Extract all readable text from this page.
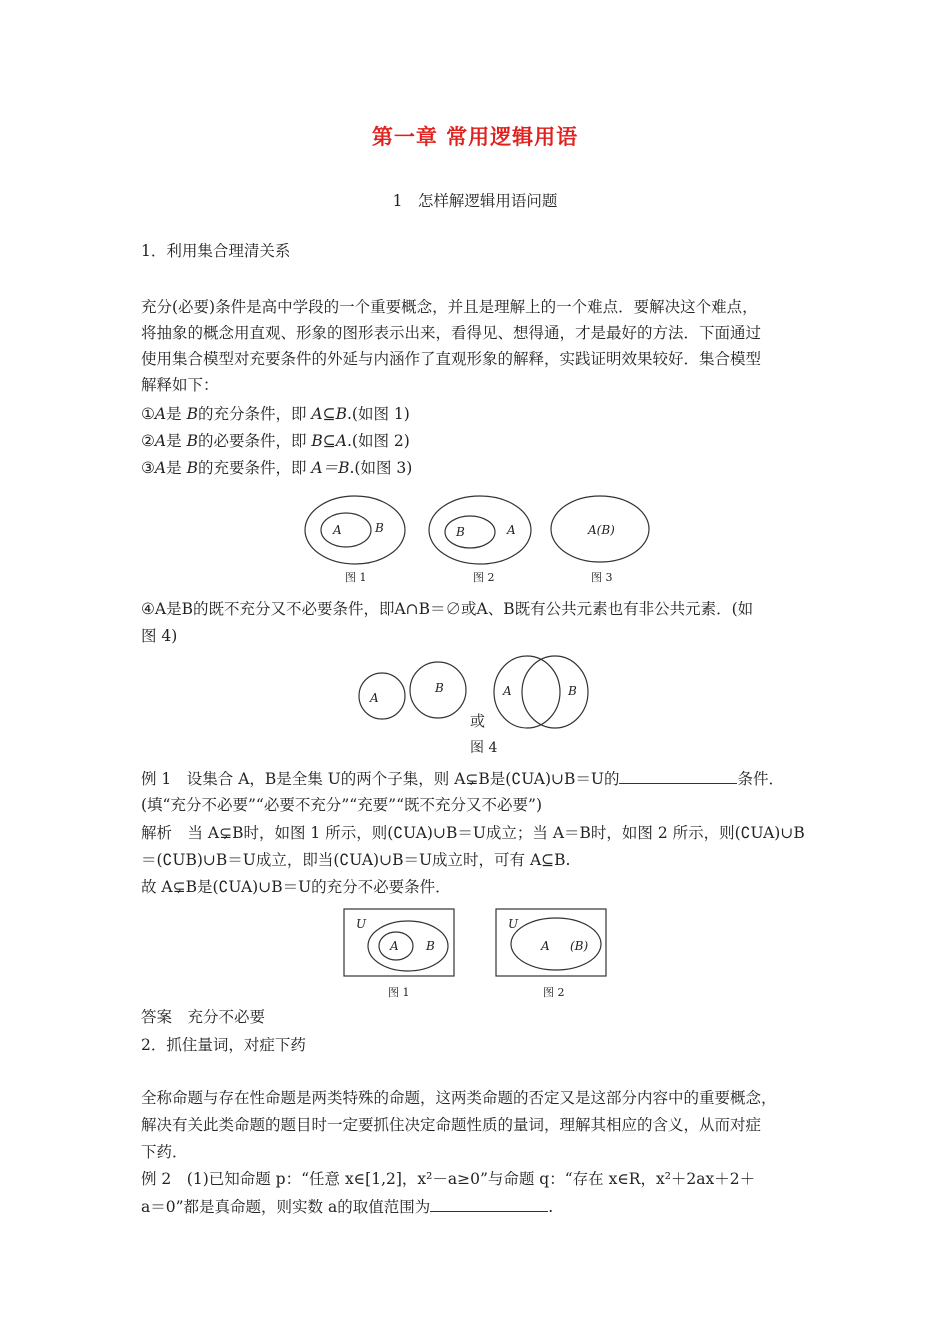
第一章 常用逻辑用语
1　怎样解逻辑用语问题
1．利用集合理清关系
充分(必要)条件是高中学段的一个重要概念，并且是理解上的一个难点．要解决这个难点，
将抽象的概念用直观、形象的图形表示出来，看得见、想得通，才是最好的方法．下面通过
使用集合模型对充要条件的外延与内涵作了直观形象的解释，实践证明效果较好．集合模型
解释如下：
①A是 B的充分条件，即 A⊆B.(如图 1)
②A是 B的必要条件，即 B⊆A.(如图 2)
③A是 B的充要条件，即 A＝B.(如图 3)
A	B
图 1
B	A
图 2
A(B)
图 3
④A是B的既不充分又不必要条件，即A∩B＝∅或A、B既有公共元素也有非公共元素．(如
图 4)
A
B	A	B
或
图 4
例 1　设集合 A，B是全集 U的两个子集，则 A⊊B是(∁UA)∪B＝U的	条件．
(填“充分不必要”“必要不充分”“充要”“既不充分又不必要”)
解析　当 A⊊B时，如图 1 所示，则(∁UA)∪B＝U成立；当 A＝B时，如图 2 所示，则(∁UA)∪B
＝(∁UB)∪B＝U成立，即当(∁UA)∪B＝U成立时，可有 A⊆B.
故 A⊊B是(∁UA)∪B＝U的充分不必要条件．
U
A B
图 1
U
A (B)
图 2
答案　充分不必要
2．抓住量词，对症下药
全称命题与存在性命题是两类特殊的命题，这两类命题的否定又是这部分内容中的重要概念，
解决有关此类命题的题目时一定要抓住决定命题性质的量词，理解其相应的含义，从而对症
下药．
例 2　(1)已知命题 p：“任意 x∈[1,2]，x²－a≥0”与命题 q：“存在 x∈R，x²＋2ax＋2＋
a＝0”都是真命题，则实数 a的取值范围为	.
